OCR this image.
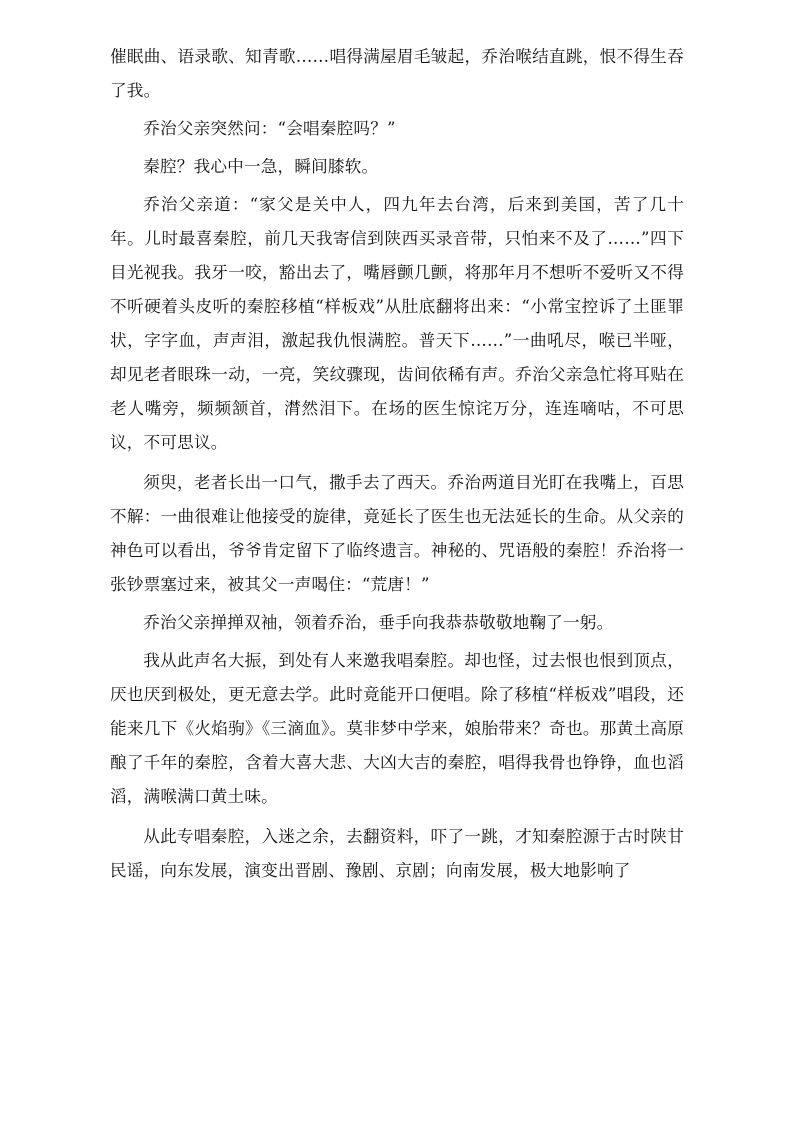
催眠曲、语录歌、知青歌……唱得满屋眉毛皱起，乔治喉结直跳，恨不得生吞了我。

乔治父亲突然问：“会唱秦腔吗？”

秦腔？我心中一急，瞬间膝软。

乔治父亲道：“家父是关中人，四九年去台湾，后来到美国，苦了几十年。儿时最喜秦腔，前几天我寄信到陕西买录音带，只怕来不及了……”四下目光视我。我牙一咬，豁出去了，嘴唇颤几颤，将那年月不想听不爱听又不得不听硬着头皮听的秦腔移植“样板戏”从肚底翻将出来：“小常宝控诉了土匪罪状，字字血，声声泪，激起我仇恨满腔。普天下……”一曲吼尽，喉已半哑，却见老者眼珠一动，一亮，笑纹骤现，齿间依稀有声。乔治父亲急忙将耳贴在老人嘴旁，频频颔首，潸然泪下。在场的医生惊诧万分，连连嘀咕，不可思议，不可思议。

须臾，老者长出一口气，撒手去了西天。乔治两道目光盯在我嘴上，百思不解：一曲很难让他接受的旋律，竟延长了医生也无法延长的生命。从父亲的神色可以看出，爷爷肯定留下了临终遗言。神秘的、咒语般的秦腔！乔治将一张钞票塞过来，被其父一声喝住：“荒唐！”

乔治父亲掸掸双袖，领着乔治，垂手向我恭恭敬敬地鞠了一躬。

我从此声名大振，到处有人来邀我唱秦腔。却也怪，过去恨也恨到顶点，厌也厌到极处，更无意去学。此时竟能开口便唱。除了移植“样板戏”唱段，还能来几下《火焰驹》《三滴血》。莫非梦中学来，娘胎带来？奇也。那黄土高原酿了千年的秦腔，含着大喜大悲、大凶大吉的秦腔，唱得我骨也铮铮，血也滔滔，满喉满口黄土味。

从此专唱秦腔，入迷之余，去翻资料，吓了一跳，才知秦腔源于古时陕甘民谣，向东发展，演变出晋剧、豫剧、京剧；向南发展，极大地影响了
